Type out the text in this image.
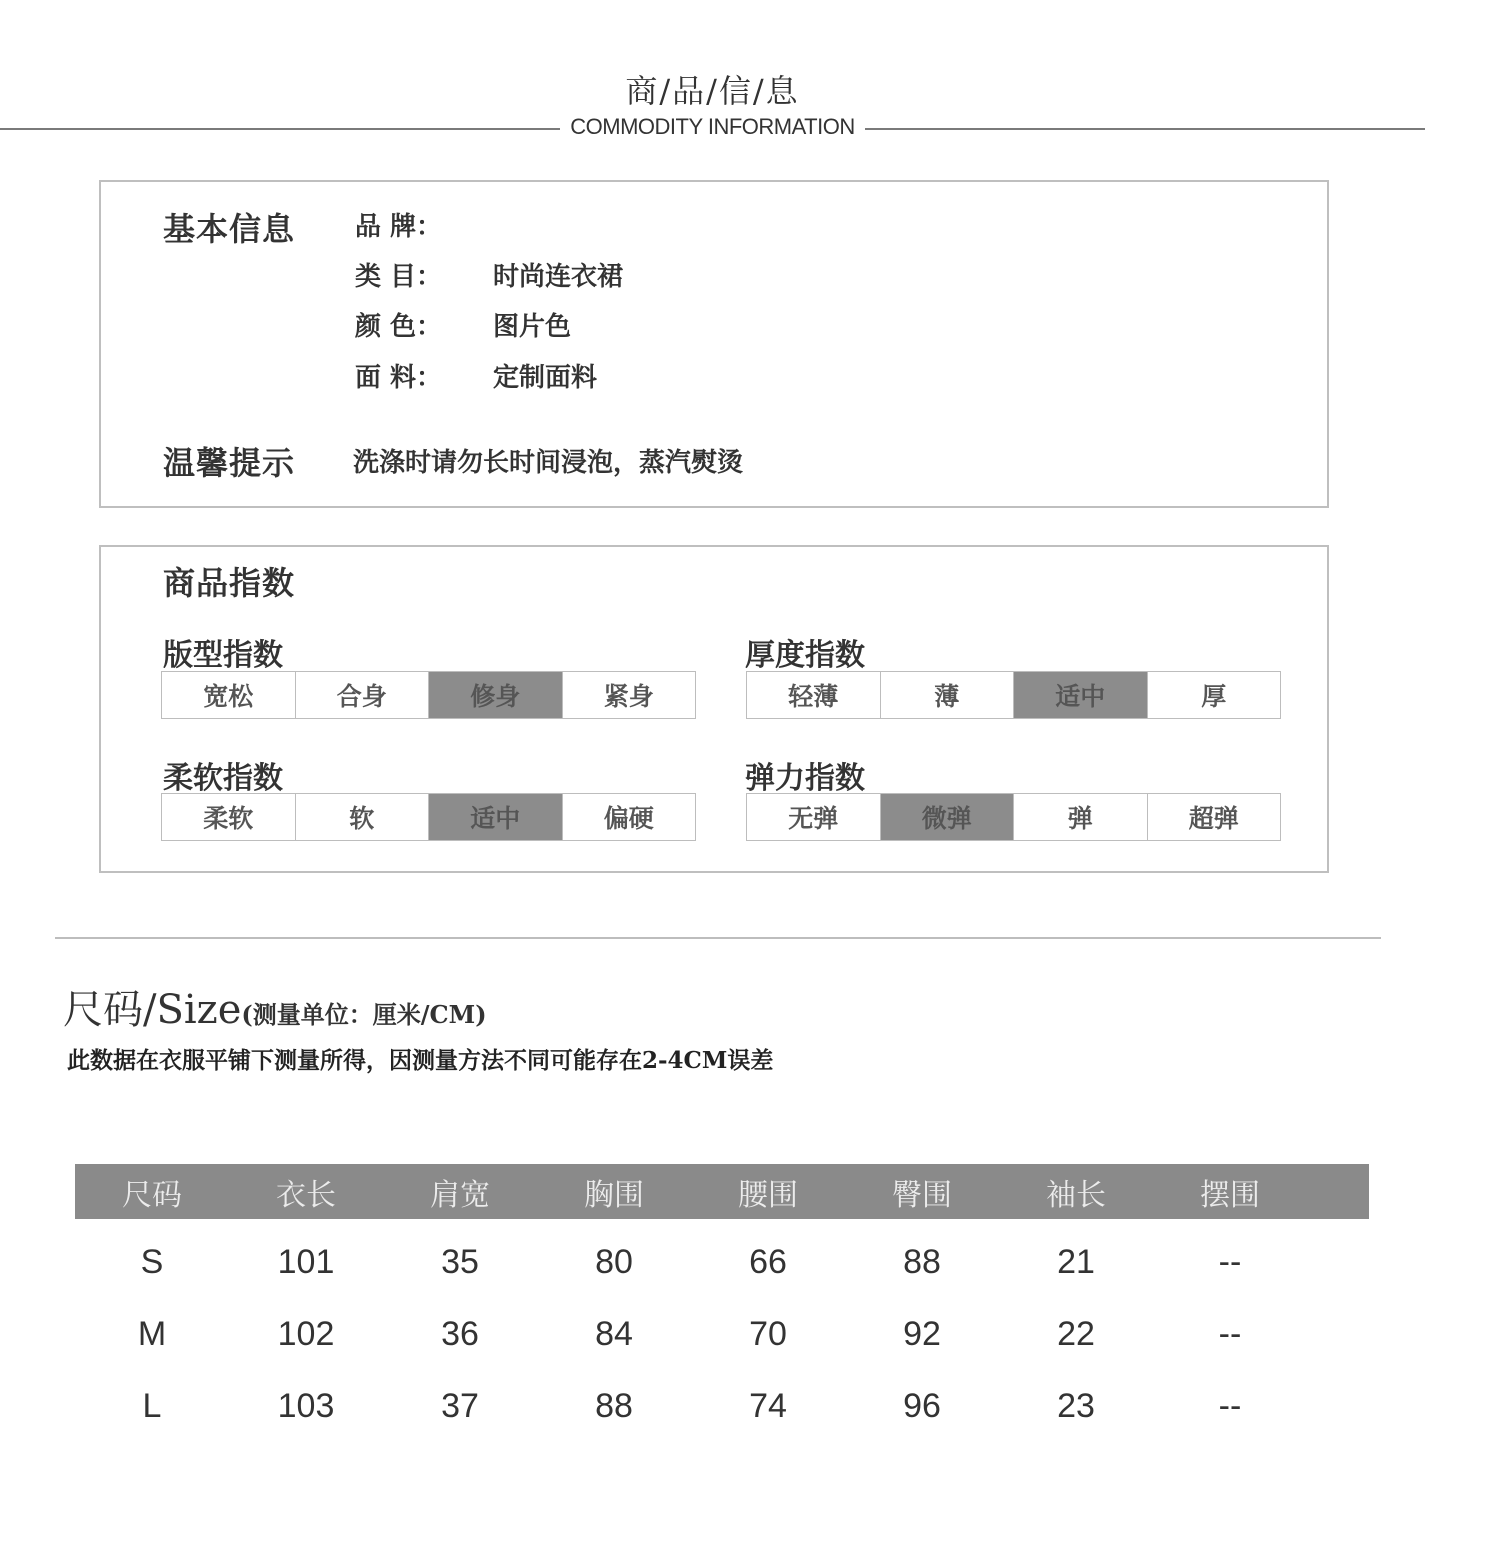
商/品/信/息
COMMODITY INFORMATION
基本信息 品 牌：
类 目： 时尚连衣裙
颜 色： 图片色
面 料： 定制面料
温馨提示 洗涤时请勿长时间浸泡，蒸汽熨烫
商品指数
版型指数
宽松	合身	修身	紧身
厚度指数
轻薄	薄	适中	厚
柔软指数
柔软	软	适中	偏硬
弹力指数
无弹	微弹	弹	超弹
尺码/Size(测量单位：厘米/CM)
此数据在衣服平铺下测量所得，因测量方法不同可能存在2-4CM误差
尺码	衣长	肩宽	胸围	腰围	臀围	袖长	摆围
S	101	35	80	66	88	21	--
M	102	36	84	70	92	22	--
L	103	37	88	74	96	23	--
